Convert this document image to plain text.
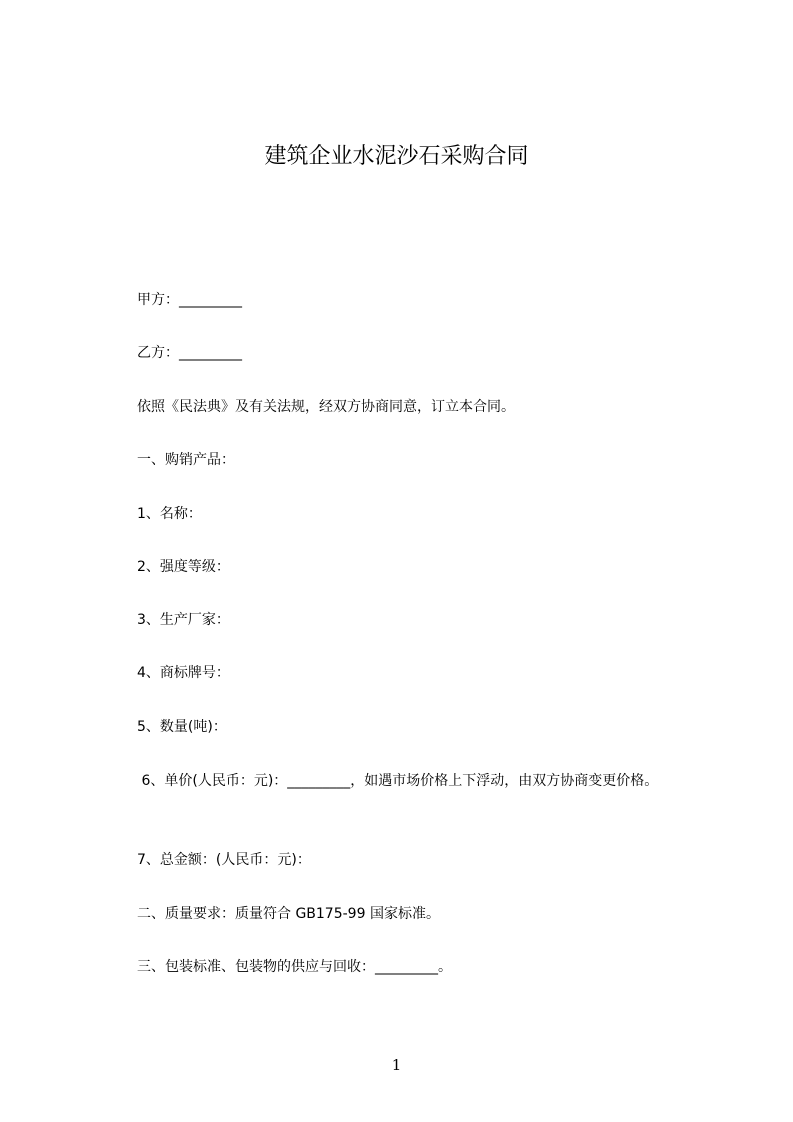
建筑企业水泥沙石采购合同
甲方：_________
乙方：_________
依照《民法典》及有关法规，经双方协商同意，订立本合同。
一、购销产品：
1、名称：
2、强度等级：
3、生产厂家：
4、商标牌号：
5、数量(吨)：
6、单价(人民币：元)：_________，如遇市场价格上下浮动，由双方协商变更价格。
7、总金额：(人民币：元)：
二、质量要求：质量符合 GB175-99 国家标准。
三、包装标准、包装物的供应与回收：_________。
1
